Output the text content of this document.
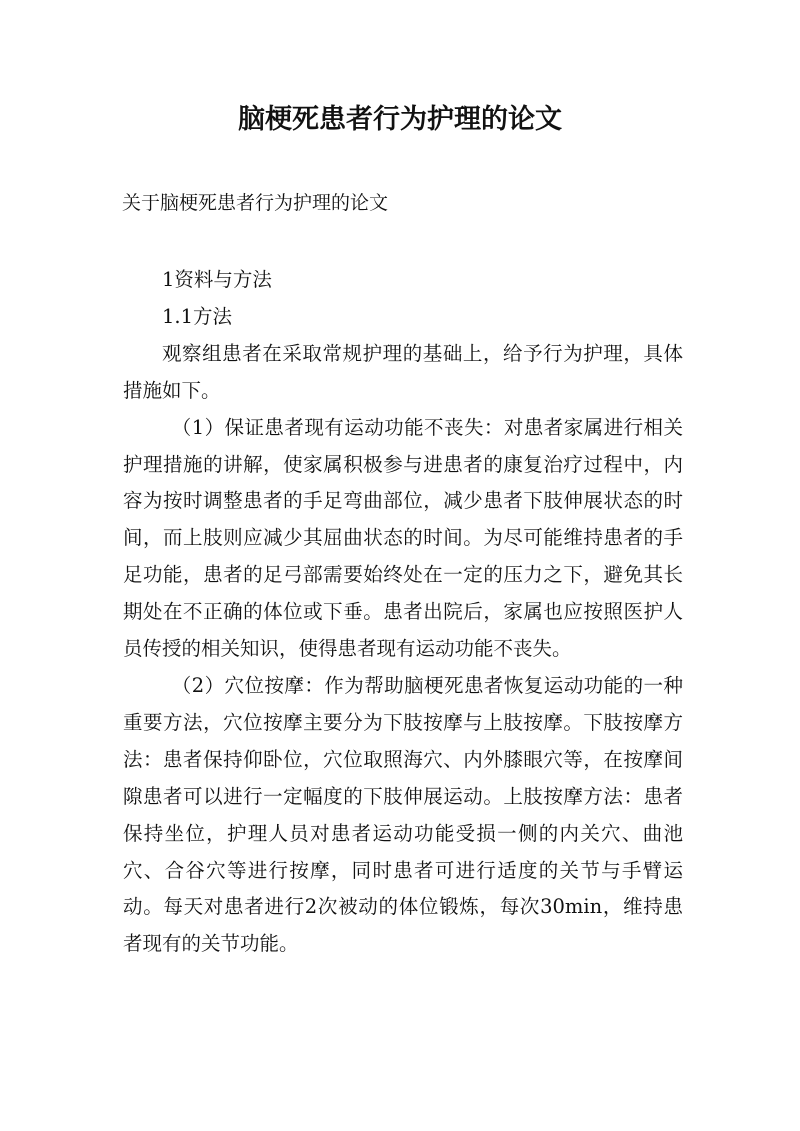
脑梗死患者行为护理的论文

关于脑梗死患者行为护理的论文

1资料与方法

1.1方法

观察组患者在采取常规护理的基础上，给予行为护理，具体措施如下。

（1）保证患者现有运动功能不丧失：对患者家属进行相关护理措施的讲解，使家属积极参与进患者的康复治疗过程中，内容为按时调整患者的手足弯曲部位，减少患者下肢伸展状态的时间，而上肢则应减少其屈曲状态的时间。为尽可能维持患者的手足功能，患者的足弓部需要始终处在一定的压力之下，避免其长期处在不正确的体位或下垂。患者出院后，家属也应按照医护人员传授的相关知识，使得患者现有运动功能不丧失。

（2）穴位按摩：作为帮助脑梗死患者恢复运动功能的一种重要方法，穴位按摩主要分为下肢按摩与上肢按摩。下肢按摩方法：患者保持仰卧位，穴位取照海穴、内外膝眼穴等，在按摩间隙患者可以进行一定幅度的下肢伸展运动。上肢按摩方法：患者保持坐位，护理人员对患者运动功能受损一侧的内关穴、曲池穴、合谷穴等进行按摩，同时患者可进行适度的关节与手臂运动。每天对患者进行2次被动的体位锻炼，每次30min，维持患者现有的关节功能。
